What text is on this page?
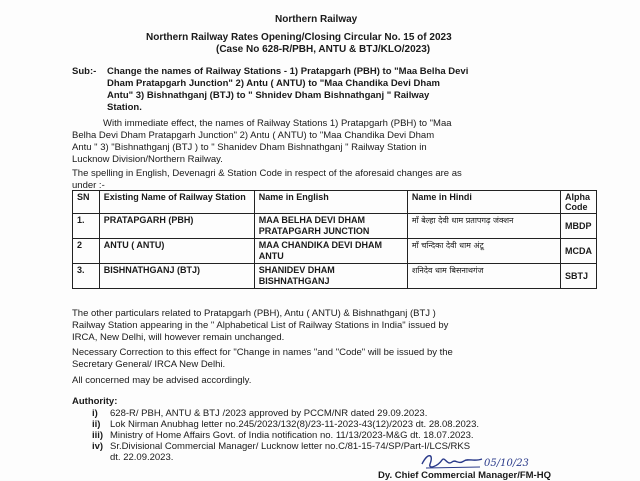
Northern Railway
Northern Railway Rates Opening/Closing Circular No. 15 of 2023
(Case No 628-R/PBH, ANTU & BTJ/KLO/2023)
Sub:- Change the names of Railway Stations - 1) Pratapgarh (PBH) to "Maa Belha Devi
Dham Pratapgarh Junction" 2) Antu ( ANTU) to "Maa Chandika Devi Dham
Antu" 3) Bishnathganj (BTJ) to " Shnidev Dham Bishnathganj " Railway
Station.
With immediate effect, the names of Railway Stations 1) Pratapgarh (PBH) to "Maa
Belha Devi Dham Pratapgarh Junction" 2) Antu ( ANTU) to "Maa Chandika Devi Dham
Antu " 3) "Bishnathganj (BTJ ) to " Shanidev Dham Bishnathganj " Railway Station in
Lucknow Division/Northern Railway.
The spelling in English, Devenagri & Station Code in respect of the aforesaid changes are as
under :-
SN	Existing Name of Railway Station	Name in English	Name in Hindi	Alpha Code
1.	PRATAPGARH (PBH)	MAA BELHA DEVI DHAM PRATAPGARH JUNCTION	माँ बेल्हा देवी धाम प्रतापगढ़ जंक्शन	MBDP
2	ANTU ( ANTU)	MAA CHANDIKA DEVI DHAM ANTU	माँ चन्दिका देवी धाम अंटू	MCDA
3.	BISHNATHGANJ (BTJ)	SHANIDEV DHAM BISHNATHGANJ	शनिदेव धाम बिसनाथगंज	SBTJ
The other particulars related to Pratapgarh (PBH), Antu ( ANTU) & Bishnathganj (BTJ )
Railway Station appearing in the " Alphabetical List of Railway Stations in India" issued by
IRCA, New Delhi, will however remain unchanged.
Necessary Correction to this effect for "Change in names "and "Code" will be issued by the
Secretary General/ IRCA New Delhi.
All concerned may be advised accordingly.
Authority:
i) 628-R/ PBH, ANTU & BTJ /2023 approved by PCCM/NR dated 29.09.2023.
ii) Lok Nirman Anubhag letter no.245/2023/132(8)/23-11-2023-43(12)/2023 dt. 28.08.2023.
iii) Ministry of Home Affairs Govt. of India notification no. 11/13/2023-M&G dt. 18.07.2023.
iv) Sr.Divisional Commercial Manager/ Lucknow letter no.C/81-15-74/SP/Part-I/LCS/RKS
dt. 22.09.2023.
05/10/23
Dy. Chief Commercial Manager/FM-HQ
